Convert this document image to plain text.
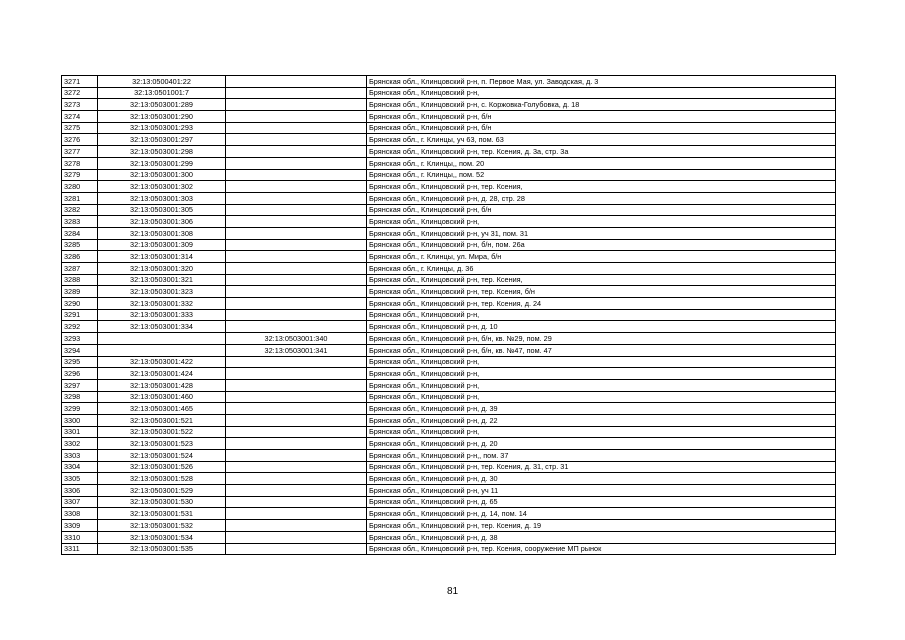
3271	32:13:0500401:22		Брянская обл., Клинцовский р-н, п. Первое Мая, ул. Заводская, д. 3
3272	32:13:0501001:7		Брянская обл., Клинцовский р-н,
3273	32:13:0503001:289		Брянская обл., Клинцовский р-н, с. Коржовка-Голубовка, д. 18
3274	32:13:0503001:290		Брянская обл., Клинцовский р-н, б/н
3275	32:13:0503001:293		Брянская обл., Клинцовский р-н, б/н
3276	32:13:0503001:297		Брянская обл., г. Клинцы, уч 63, пом. 63
3277	32:13:0503001:298		Брянская обл., Клинцовский р-н, тер. Ксения, д. 3а, стр. 3а
3278	32:13:0503001:299		Брянская обл., г. Клинцы,, пом. 20
3279	32:13:0503001:300		Брянская обл., г. Клинцы,, пом. 52
3280	32:13:0503001:302		Брянская обл., Клинцовский р-н, тер. Ксения,
3281	32:13:0503001:303		Брянская обл., Клинцовский р-н, д. 28, стр. 28
3282	32:13:0503001:305		Брянская обл., Клинцовский р-н, б/н
3283	32:13:0503001:306		Брянская обл., Клинцовский р-н,
3284	32:13:0503001:308		Брянская обл., Клинцовский р-н, уч 31, пом. 31
3285	32:13:0503001:309		Брянская обл., Клинцовский р-н, б/н, пом. 26а
3286	32:13:0503001:314		Брянская обл., г. Клинцы, ул. Мира, б/н
3287	32:13:0503001:320		Брянская обл., г. Клинцы, д. 36
3288	32:13:0503001:321		Брянская обл., Клинцовский р-н, тер. Ксения,
3289	32:13:0503001:323		Брянская обл., Клинцовский р-н, тер. Ксения, б/н
3290	32:13:0503001:332		Брянская обл., Клинцовский р-н, тер. Ксения, д. 24
3291	32:13:0503001:333		Брянская обл., Клинцовский р-н,
3292	32:13:0503001:334		Брянская обл., Клинцовский р-н, д. 10
3293		32:13:0503001:340	Брянская обл., Клинцовский р-н, б/н, кв. №29, пом. 29
3294		32:13:0503001:341	Брянская обл., Клинцовский р-н, б/н, кв. №47, пом. 47
3295	32:13:0503001:422		Брянская обл., Клинцовский р-н,
3296	32:13:0503001:424		Брянская обл., Клинцовский р-н,
3297	32:13:0503001:428		Брянская обл., Клинцовский р-н,
3298	32:13:0503001:460		Брянская обл., Клинцовский р-н,
3299	32:13:0503001:465		Брянская обл., Клинцовский р-н, д. 39
3300	32:13:0503001:521		Брянская обл., Клинцовский р-н, д. 22
3301	32:13:0503001:522		Брянская обл., Клинцовский р-н,
3302	32:13:0503001:523		Брянская обл., Клинцовский р-н, д. 20
3303	32:13:0503001:524		Брянская обл., Клинцовский р-н,, пом. 37
3304	32:13:0503001:526		Брянская обл., Клинцовский р-н, тер. Ксения, д. 31, стр. 31
3305	32:13:0503001:528		Брянская обл., Клинцовский р-н, д. 30
3306	32:13:0503001:529		Брянская обл., Клинцовский р-н, уч 11
3307	32:13:0503001:530		Брянская обл., Клинцовский р-н, д. 65
3308	32:13:0503001:531		Брянская обл., Клинцовский р-н, д. 14, пом. 14
3309	32:13:0503001:532		Брянская обл., Клинцовский р-н, тер. Ксения, д. 19
3310	32:13:0503001:534		Брянская обл., Клинцовский р-н, д. 38
3311	32:13:0503001:535		Брянская обл., Клинцовский р-н, тер. Ксения, сооружение МП рынок
81
